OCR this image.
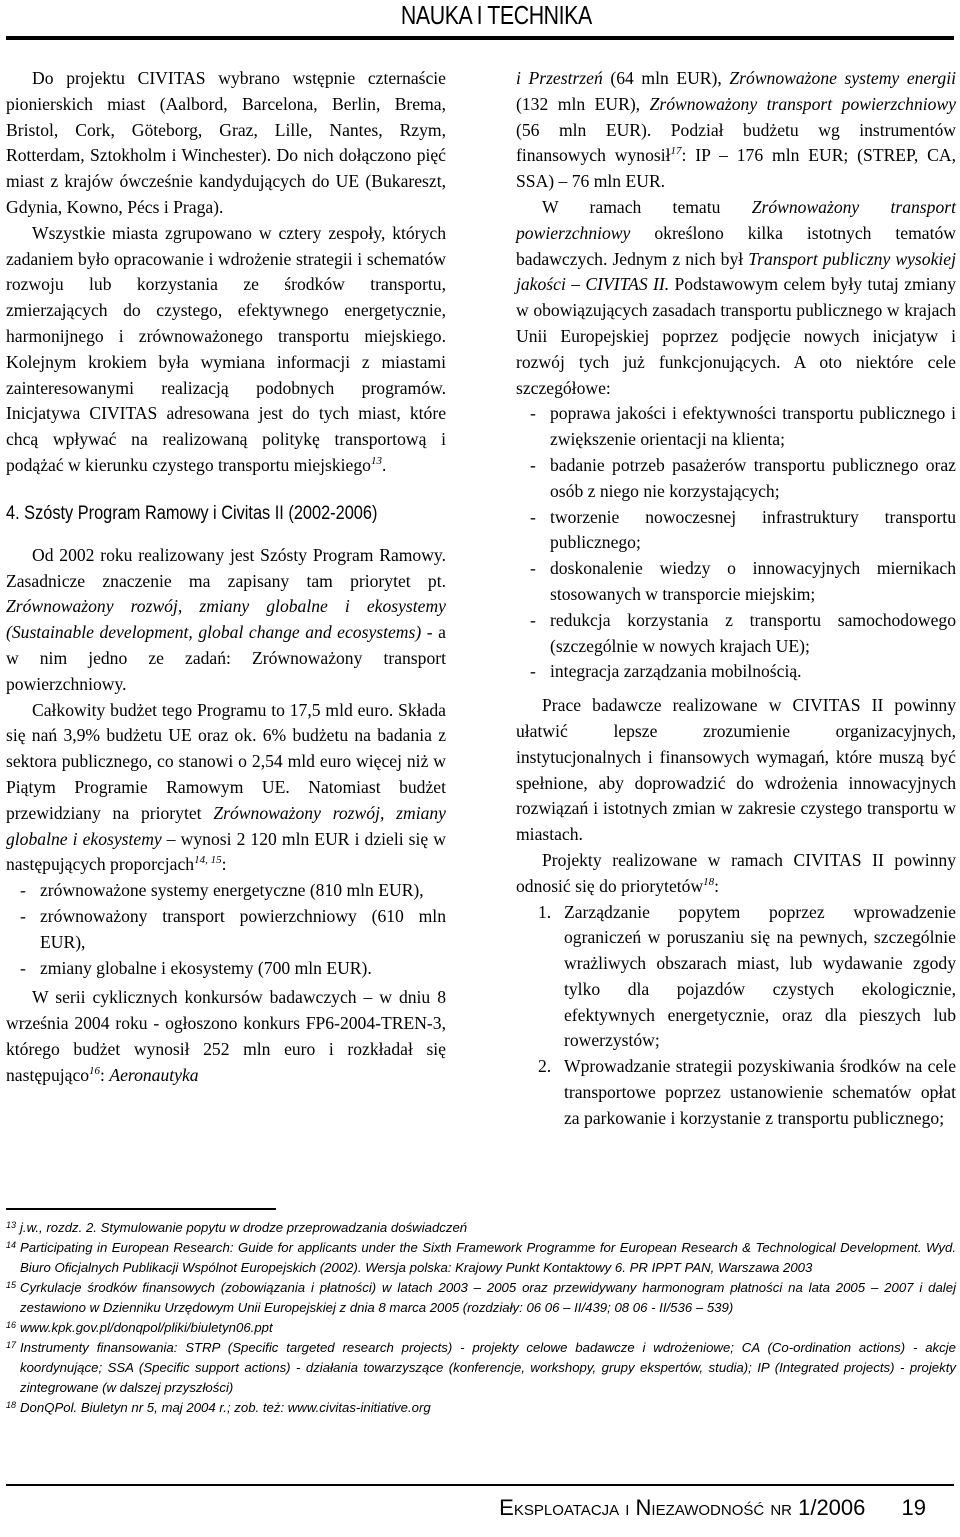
NAUKA I TECHNIKA

Do projektu CIVITAS wybrano wstępnie czternaście pionierskich miast (Aalbord, Barcelona, Berlin, Brema, Bristol, Cork, Göteborg, Graz, Lille, Nantes, Rzym, Rotterdam, Sztokholm i Winchester). Do nich dołączono pięć miast z krajów ówcześnie kandydujących do UE (Bukareszt, Gdynia, Kowno, Pécs i Praga).

Wszystkie miasta zgrupowano w cztery zespoły, których zadaniem było opracowanie i wdrożenie strategii i schematów rozwoju lub korzystania ze środków transportu, zmierzających do czystego, efektywnego energetycznie, harmonijnego i zrównoważonego transportu miejskiego. Kolejnym krokiem była wymiana informacji z miastami zainteresowanymi realizacją podobnych programów. Inicjatywa CIVITAS adresowana jest do tych miast, które chcą wpływać na realizowaną politykę transportową i podążać w kierunku czystego transportu miejskiego$^{13}$.

4. Szósty Program Ramowy i Civitas II (2002-2006)

Od 2002 roku realizowany jest Szósty Program Ramowy. Zasadnicze znaczenie ma zapisany tam priorytet pt. Zrównoważony rozwój, zmiany globalne i ekosystemy (Sustainable development, global change and ecosystems) - a w nim jedno ze zadań: Zrównoważony transport powierzchniowy.

Całkowity budżet tego Programu to 17,5 mld euro. Składa się nań 3,9% budżetu UE oraz ok. 6% budżetu na badania z sektora publicznego, co stanowi o 2,54 mld euro więcej niż w Piątym Programie Ramowym UE. Natomiast budżet przewidziany na priorytet Zrównoważony rozwój, zmiany globalne i ekosystemy – wynosi 2 120 mln EUR i dzieli się w następujących proporcjach$^{14, 15}$:

- zrównoważone systemy energetyczne (810 mln EUR),
- zrównoważony transport powierzchniowy (610 mln EUR),
- zmiany globalne i ekosystemy (700 mln EUR).

W serii cyklicznych konkursów badawczych – w dniu 8 września 2004 roku - ogłoszono konkurs FP6-2004-TREN-3, którego budżet wynosił 252 mln euro i rozkładał się następująco$^{16}$: Aeronautyka

i Przestrzeń (64 mln EUR), Zrównoważone systemy energii (132 mln EUR), Zrównoważony transport powierzchniowy (56 mln EUR). Podział budżetu wg instrumentów finansowych wynosił$^{17}$: IP – 176 mln EUR; (STREP, CA, SSA) – 76 mln EUR.

W ramach tematu Zrównoważony transport powierzchniowy określono kilka istotnych tematów badawczych. Jednym z nich był Transport publiczny wysokiej jakości – CIVITAS II. Podstawowym celem były tutaj zmiany w obowiązujących zasadach transportu publicznego w krajach Unii Europejskiej poprzez podjęcie nowych inicjatyw i rozwój tych już funkcjonujących. A oto niektóre cele szczegółowe:

- poprawa jakości i efektywności transportu publicznego i zwiększenie orientacji na klienta;
- badanie potrzeb pasażerów transportu publicznego oraz osób z niego nie korzystających;
- tworzenie nowoczesnej infrastruktury transportu publicznego;
- doskonalenie wiedzy o innowacyjnych miernikach stosowanych w transporcie miejskim;
- redukcja korzystania z transportu samochodowego (szczególnie w nowych krajach UE);
- integracja zarządzania mobilnością.

Prace badawcze realizowane w CIVITAS II powinny ułatwić lepsze zrozumienie organizacyjnych, instytucjonalnych i finansowych wymagań, które muszą być spełnione, aby doprowadzić do wdrożenia innowacyjnych rozwiązań i istotnych zmian w zakresie czystego transportu w miastach.

Projekty realizowane w ramach CIVITAS II powinny odnosić się do priorytetów$^{18}$:

1. Zarządzanie popytem poprzez wprowadzenie ograniczeń w poruszaniu się na pewnych, szczególnie wrażliwych obszarach miast, lub wydawanie zgody tylko dla pojazdów czystych ekologicznie, efektywnych energetycznie, oraz dla pieszych lub rowerzystów;
2. Wprowadzanie strategii pozyskiwania środków na cele transportowe poprzez ustanowienie schematów opłat za parkowanie i korzystanie z transportu publicznego;
13 j.w., rozdz. 2. Stymulowanie popytu w drodze przeprowadzania doświadczeń
14 Participating in European Research: Guide for applicants under the Sixth Framework Programme for European Research & Technological Development. Wyd. Biuro Oficjalnych Publikacji Wspólnot Europejskich (2002). Wersja polska: Krajowy Punkt Kontaktowy 6. PR IPPT PAN, Warszawa 2003
15 Cyrkulacje środków finansowych (zobowiązania i płatności) w latach 2003 – 2005 oraz przewidywany harmonogram płatności na lata 2005 – 2007 i dalej zestawiono w Dzienniku Urzędowym Unii Europejskiej z dnia 8 marca 2005 (rozdziały: 06 06 – II/439; 08 06 - II/536 – 539)
16 www.kpk.gov.pl/donqpol/pliki/biuletyn06.ppt
17 Instrumenty finansowania: STRP (Specific targeted research projects) - projekty celowe badawcze i wdrożeniowe; CA (Co-ordination actions) - akcje koordynujące; SSA (Specific support actions) - działania towarzyszące (konferencje, workshopy, grupy ekspertów, studia); IP (Integrated projects) - projekty zintegrowane (w dalszej przyszłości)
18 DonQPol. Biuletyn nr 5, maj 2004 r.; zob. też: www.civitas-initiative.org
Eksploatacja i Niezawodność nr 1/2006 19
